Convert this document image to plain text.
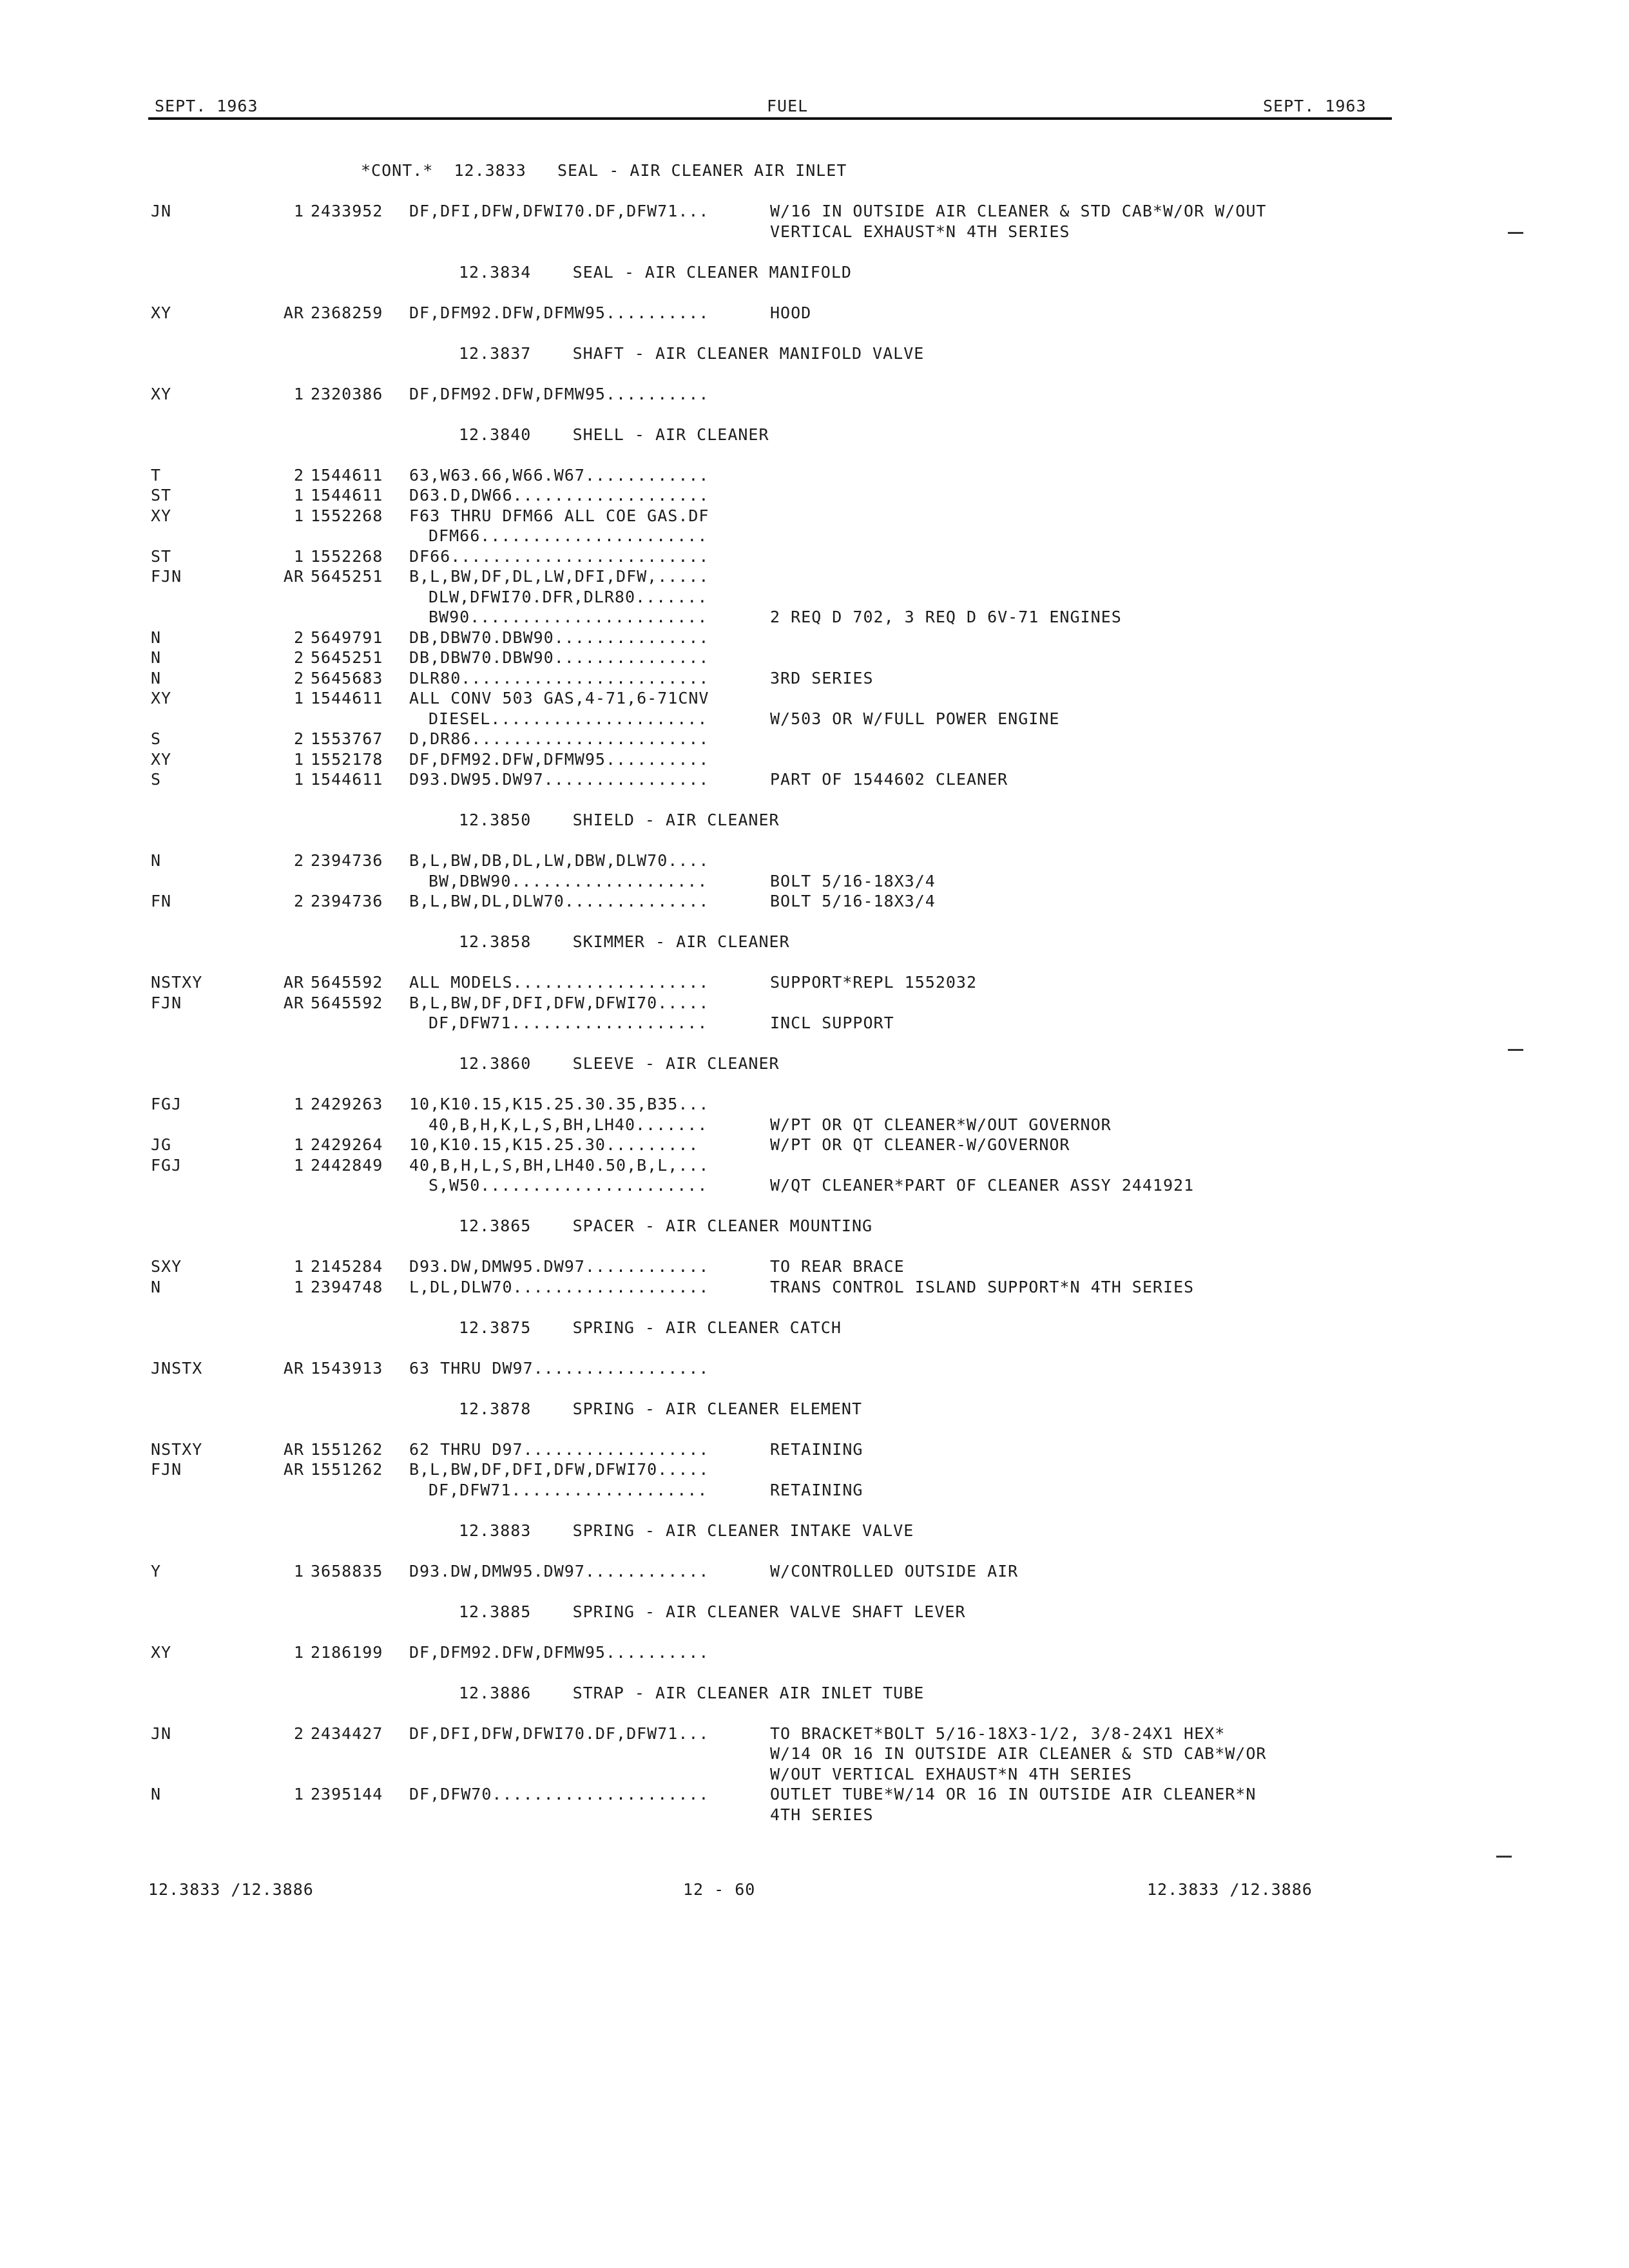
SEPT. 1963	FUEL	SEPT. 1963
*CONT.*  12.3833   SEAL - AIR CLEANER AIR INLET
JN	1 2433952 DF,DFI,DFW,DFWI70.DF,DFW71...	W/16 IN OUTSIDE AIR CLEANER & STD CAB*W/OR W/OUT
VERTICAL EXHAUST*N 4TH SERIES
12.3834    SEAL - AIR CLEANER MANIFOLD
XY	AR 2368259 DF,DFM92.DFW,DFMW95..........	HOOD
12.3837    SHAFT - AIR CLEANER MANIFOLD VALVE
XY	1 2320386 DF,DFM92.DFW,DFMW95..........
12.3840    SHELL - AIR CLEANER
T	2 1544611 63,W63.66,W66.W67............
ST	1 1544611 D63.D,DW66...................
XY	1 1552268 F63 THRU DFM66 ALL COE GAS.DF
DFM66......................
ST	1 1552268 DF66.........................
FJN	AR 5645251 B,L,BW,DF,DL,LW,DFI,DFW,.....
DLW,DFWI70.DFR,DLR80.......
BW90.......................	2 REQ D 702, 3 REQ D 6V-71 ENGINES
N	2 5649791 DB,DBW70.DBW90...............
N	2 5645251 DB,DBW70.DBW90...............
N	2 5645683 DLR80........................	3RD SERIES
XY	1 1544611 ALL CONV 503 GAS,4-71,6-71CNV
DIESEL.....................	W/503 OR W/FULL POWER ENGINE
S	2 1553767 D,DR86.......................
XY	1 1552178 DF,DFM92.DFW,DFMW95..........
S	1 1544611 D93.DW95.DW97................	PART OF 1544602 CLEANER
12.3850    SHIELD - AIR CLEANER
N	2 2394736 B,L,BW,DB,DL,LW,DBW,DLW70....
BW,DBW90...................	BOLT 5/16-18X3/4
FN	2 2394736 B,L,BW,DL,DLW70..............	BOLT 5/16-18X3/4
12.3858    SKIMMER - AIR CLEANER
NSTXY	AR 5645592 ALL MODELS...................	SUPPORT*REPL 1552032
FJN	AR 5645592 B,L,BW,DF,DFI,DFW,DFWI70.....
DF,DFW71...................	INCL SUPPORT
12.3860    SLEEVE - AIR CLEANER
FGJ	1 2429263 10,K10.15,K15.25.30.35,B35...
40,B,H,K,L,S,BH,LH40.......	W/PT OR QT CLEANER*W/OUT GOVERNOR
JG	1 2429264 10,K10.15,K15.25.30.........	W/PT OR QT CLEANER-W/GOVERNOR
FGJ	1 2442849 40,B,H,L,S,BH,LH40.50,B,L,...
S,W50......................	W/QT CLEANER*PART OF CLEANER ASSY 2441921
12.3865    SPACER - AIR CLEANER MOUNTING
SXY	1 2145284 D93.DW,DMW95.DW97............	TO REAR BRACE
N	1 2394748 L,DL,DLW70...................	TRANS CONTROL ISLAND SUPPORT*N 4TH SERIES
12.3875    SPRING - AIR CLEANER CATCH
JNSTX	AR 1543913 63 THRU DW97.................
12.3878    SPRING - AIR CLEANER ELEMENT
NSTXY	AR 1551262 62 THRU D97..................	RETAINING
FJN	AR 1551262 B,L,BW,DF,DFI,DFW,DFWI70.....
DF,DFW71...................	RETAINING
12.3883    SPRING - AIR CLEANER INTAKE VALVE
Y	1 3658835 D93.DW,DMW95.DW97............	W/CONTROLLED OUTSIDE AIR
12.3885    SPRING - AIR CLEANER VALVE SHAFT LEVER
XY	1 2186199 DF,DFM92.DFW,DFMW95..........
12.3886    STRAP - AIR CLEANER AIR INLET TUBE
JN	2 2434427 DF,DFI,DFW,DFWI70.DF,DFW71...	TO BRACKET*BOLT 5/16-18X3-1/2, 3/8-24X1 HEX*
W/14 OR 16 IN OUTSIDE AIR CLEANER & STD CAB*W/OR
W/OUT VERTICAL EXHAUST*N 4TH SERIES
N	1 2395144 DF,DFW70.....................	OUTLET TUBE*W/14 OR 16 IN OUTSIDE AIR CLEANER*N
4TH SERIES
12.3833 /12.3886	12 - 60	12.3833 /12.3886
